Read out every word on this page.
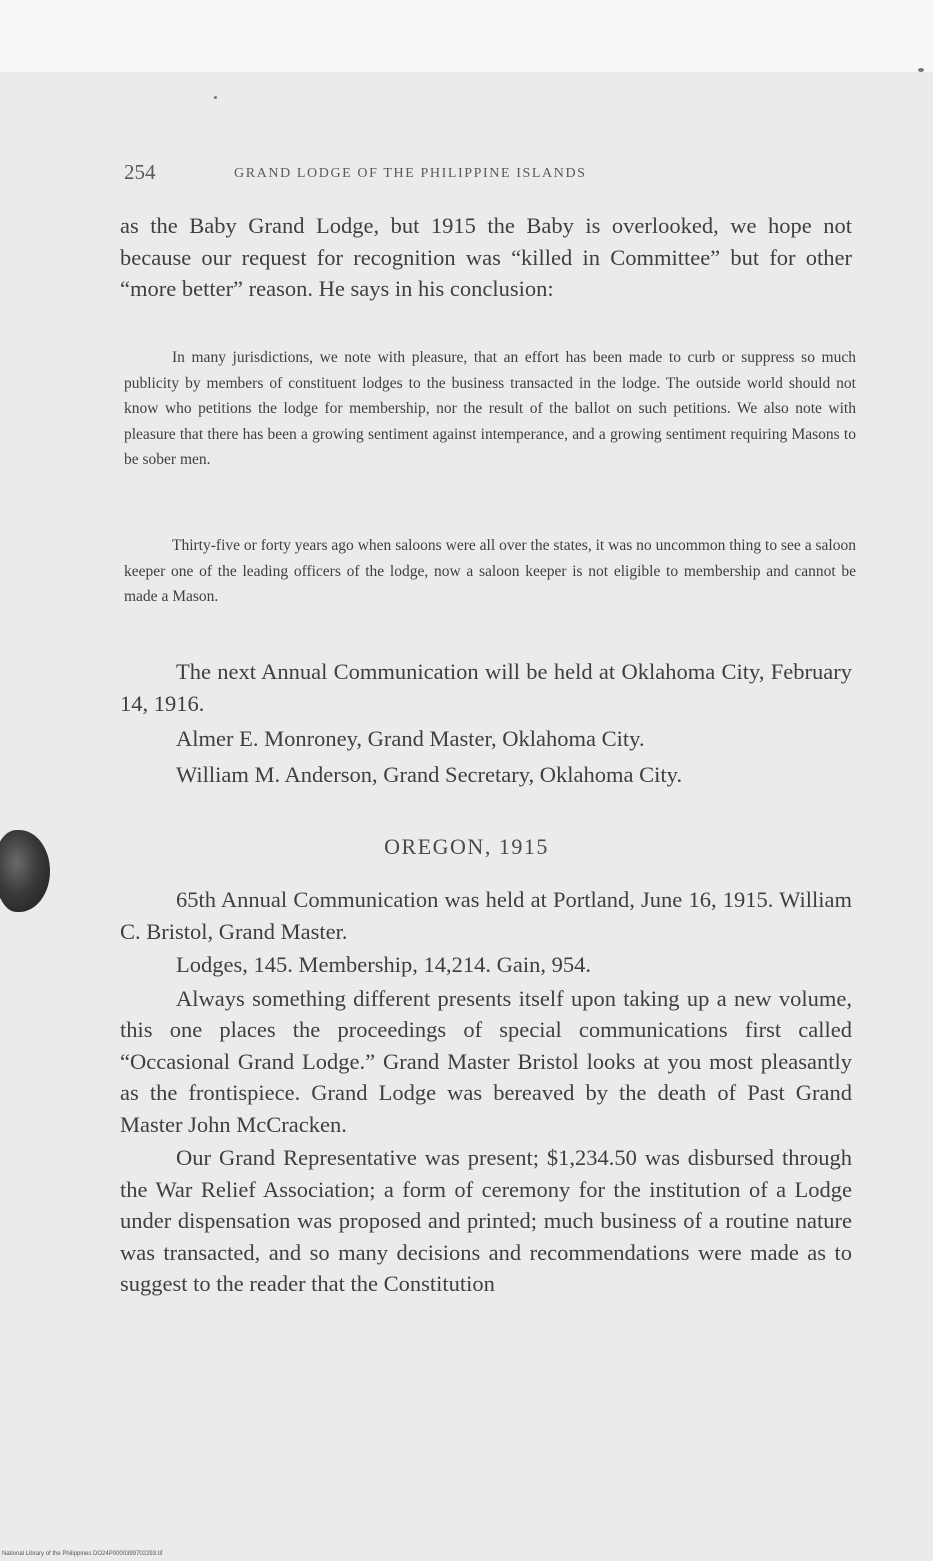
254	GRAND LODGE OF THE PHILIPPINE ISLANDS

as the Baby Grand Lodge, but 1915 the Baby is overlooked, we hope not because our request for recognition was “killed in Committee” but for other “more better” reason. He says in his conclusion:

In many jurisdictions, we note with pleasure, that an effort has been made to curb or suppress so much publicity by members of constituent lodges to the business transacted in the lodge. The outside world should not know who petitions the lodge for membership, nor the result of the ballot on such petitions. We also note with pleasure that there has been a growing sentiment against intemperance, and a growing sentiment requiring Masons to be sober men.

Thirty-five or forty years ago when saloons were all over the states, it was no uncommon thing to see a saloon keeper one of the leading officers of the lodge, now a saloon keeper is not eligible to membership and cannot be made a Mason.

The next Annual Communication will be held at Oklahoma City, February 14, 1916.

Almer E. Monroney, Grand Master, Oklahoma City.

William M. Anderson, Grand Secretary, Oklahoma City.

OREGON, 1915

65th Annual Communication was held at Portland, June 16, 1915. William C. Bristol, Grand Master.

Lodges, 145. Membership, 14,214. Gain, 954.

Always something different presents itself upon taking up a new volume, this one places the proceedings of special communications first called “Occasional Grand Lodge.” Grand Master Bristol looks at you most pleasantly as the frontispiece. Grand Lodge was bereaved by the death of Past Grand Master John McCracken.

Our Grand Representative was present; $1,234.50 was disbursed through the War Relief Association; a form of ceremony for the institution of a Lodge under dispensation was proposed and printed; much business of a routine nature was transacted, and so many decisions and recommendations were made as to suggest to the reader that the Constitution

National Library of the Philippines DO24P0000399702293.tif
